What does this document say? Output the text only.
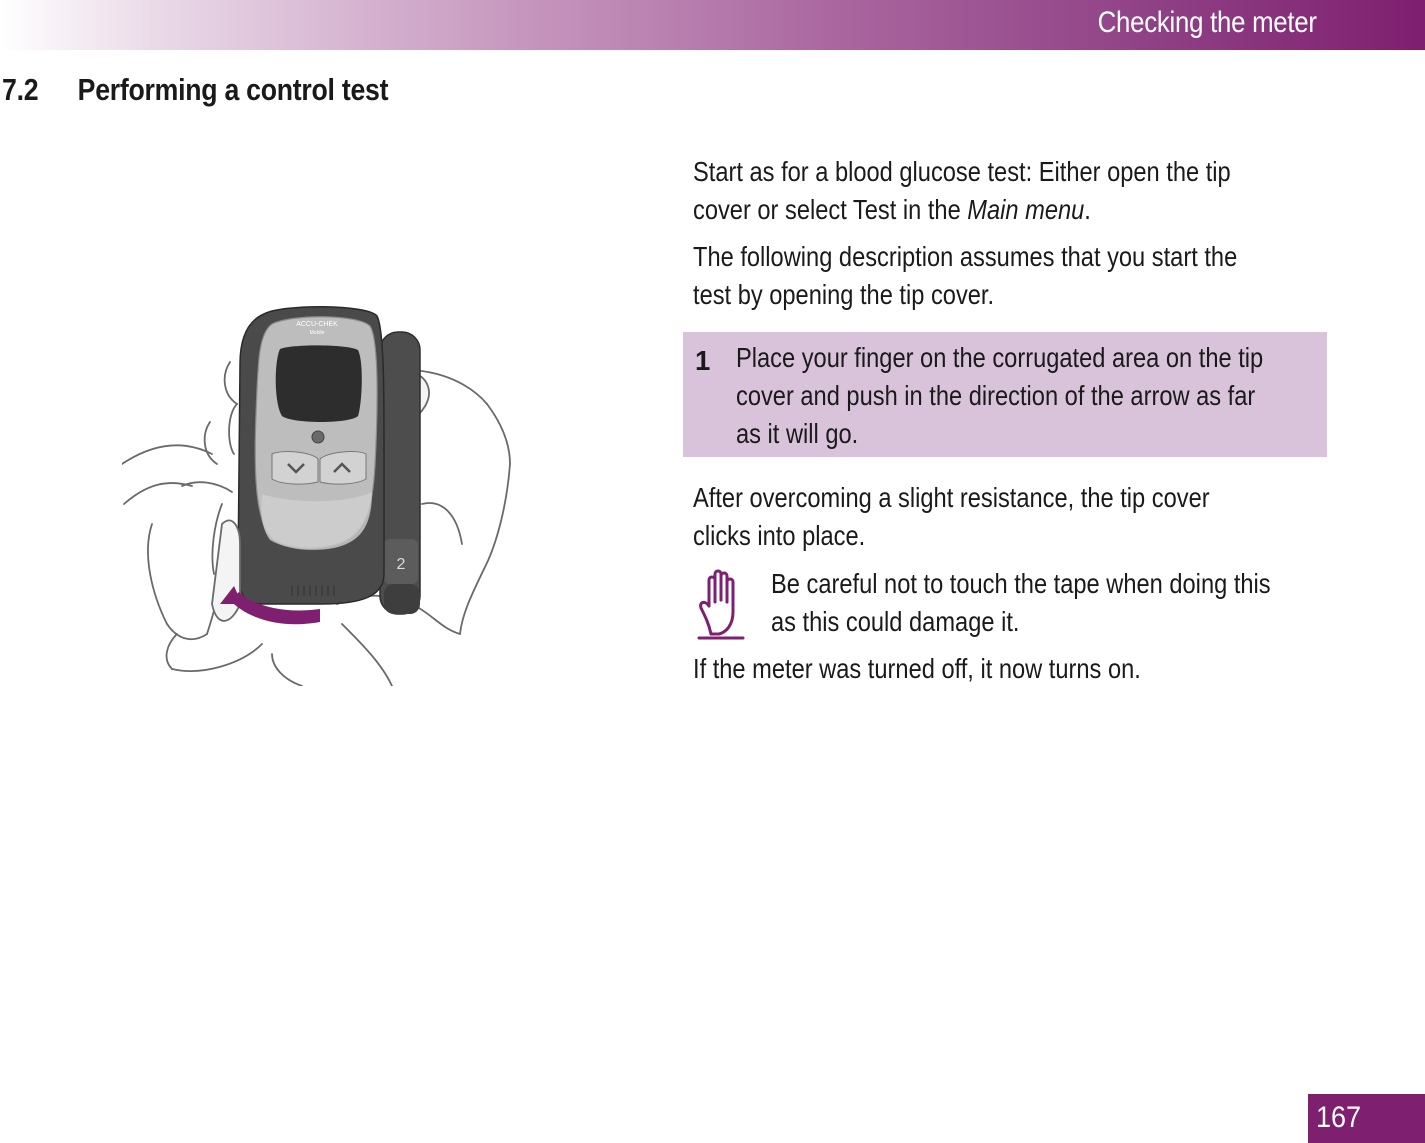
Checking the meter
7.2 Performing a control test
2
ACCU-CHEK
Mobile

Start as for a blood glucose test: Either open the tip

cover or select Test in the Main menu.

The following description assumes that you start the

test by opening the tip cover.

1 Place your finger on the corrugated area on the tip
cover and push in the direction of the arrow as far
as it will go.

After overcoming a slight resistance, the tip cover

clicks into place.

Be careful not to touch the tape when doing this

as this could damage it.

If the meter was turned off, it now turns on.

167
